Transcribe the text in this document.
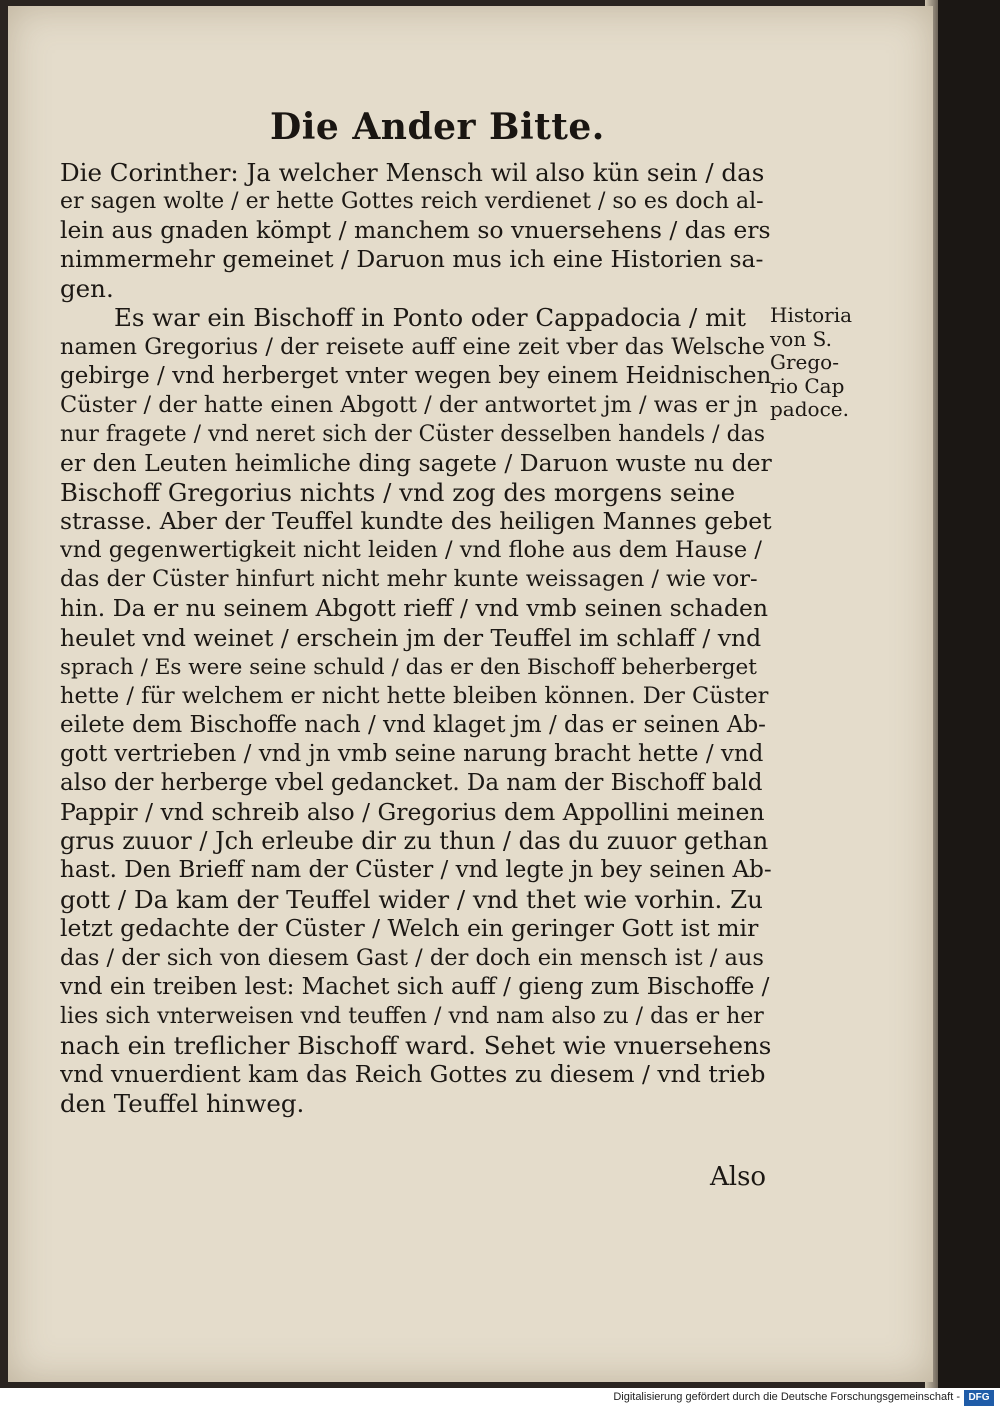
Die Ander Bitte.
Die Corinther: Ja welcher Mensch wil also kün sein / das
er sagen wolte / er hette Gottes reich verdienet / so es doch al-
lein aus gnaden kömpt / manchem so vnuersehens / das ers
nimmermehr gemeinet / Daruon mus ich eine Historien sa-
gen.
Es war ein Bischoff in Ponto oder Cappadocia / mit
namen Gregorius / der reisete auff eine zeit vber das Welsche
gebirge / vnd herberget vnter wegen bey einem Heidnischen
Cüster / der hatte einen Abgott / der antwortet jm / was er jn
nur fragete / vnd neret sich der Cüster desselben handels / das
er den Leuten heimliche ding sagete / Daruon wuste nu der
Bischoff Gregorius nichts / vnd zog des morgens seine
strasse. Aber der Teuffel kundte des heiligen Mannes gebet
vnd gegenwertigkeit nicht leiden / vnd flohe aus dem Hause /
das der Cüster hinfurt nicht mehr kunte weissagen / wie vor-
hin. Da er nu seinem Abgott rieff / vnd vmb seinen schaden
heulet vnd weinet / erschein jm der Teuffel im schlaff / vnd
sprach / Es were seine schuld / das er den Bischoff beherberget
hette / für welchem er nicht hette bleiben können. Der Cüster
eilete dem Bischoffe nach / vnd klaget jm / das er seinen Ab-
gott vertrieben / vnd jn vmb seine narung bracht hette / vnd
also der herberge vbel gedancket. Da nam der Bischoff bald
Pappir / vnd schreib also / Gregorius dem Appollini meinen
grus zuuor / Jch erleube dir zu thun / das du zuuor gethan
hast. Den Brieff nam der Cüster / vnd legte jn bey seinen Ab-
gott / Da kam der Teuffel wider / vnd thet wie vorhin. Zu
letzt gedachte der Cüster / Welch ein geringer Gott ist mir
das / der sich von diesem Gast / der doch ein mensch ist / aus
vnd ein treiben lest: Machet sich auff / gieng zum Bischoffe /
lies sich vnterweisen vnd teuffen / vnd nam also zu / das er her
nach ein treflicher Bischoff ward. Sehet wie vnuersehens
vnd vnuerdient kam das Reich Gottes zu diesem / vnd trieb
den Teuffel hinweg.
Historia
von S.
Grego-
rio Cap
padoce.
Also
Digitalisierung gefördert durch die Deutsche Forschungsgemeinschaft - DFG
